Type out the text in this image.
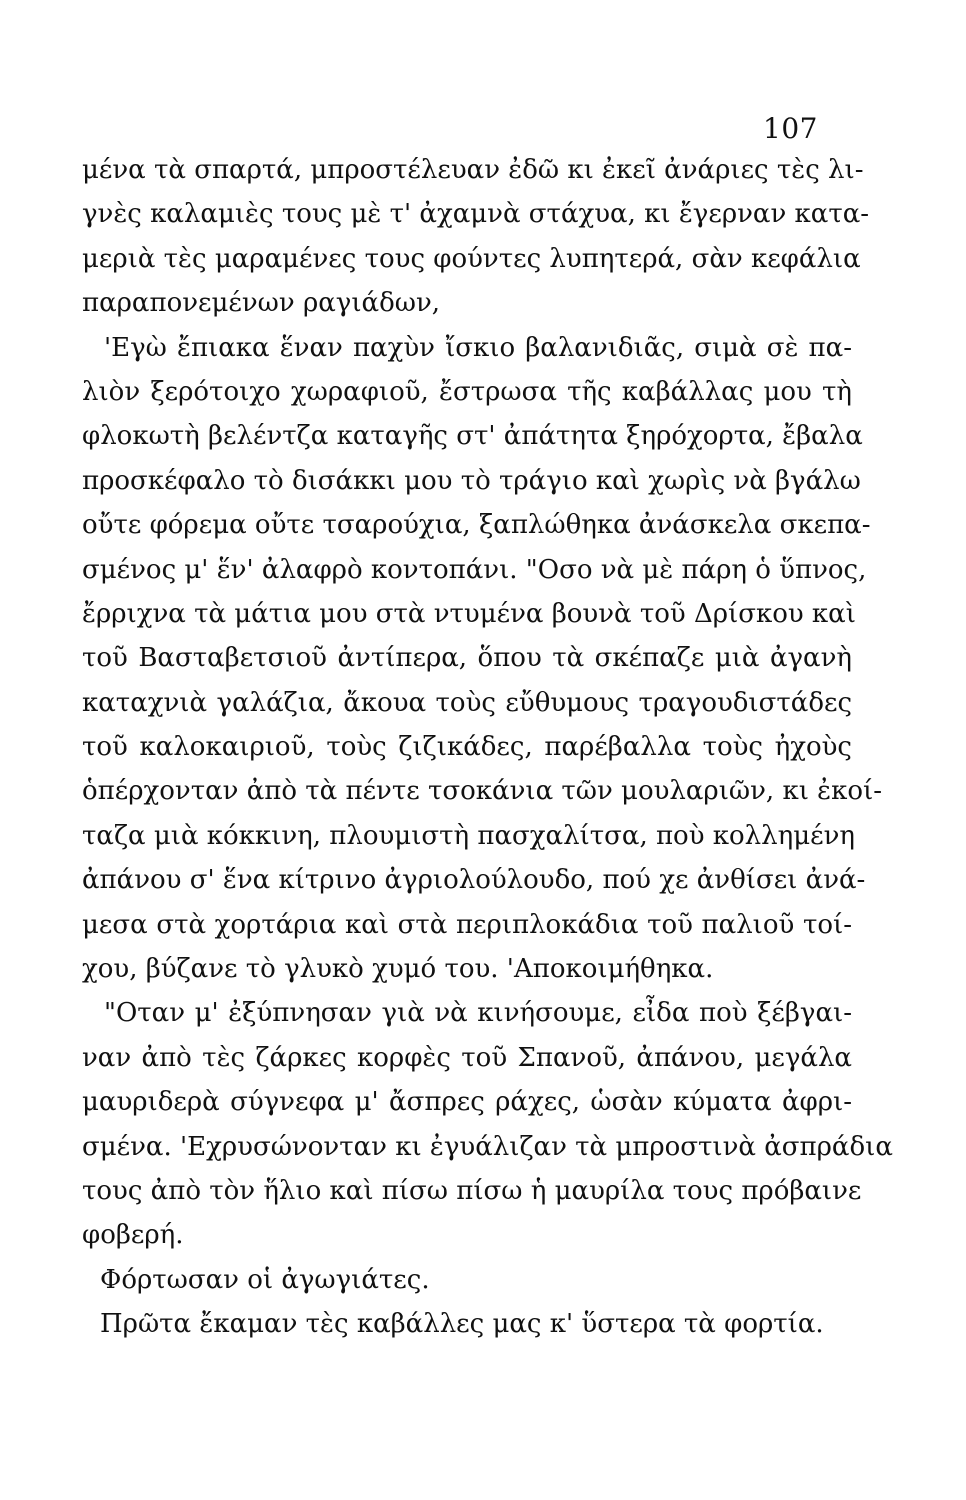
107
μένα τὰ σπαρτά, μπροστέλευαν ἐδῶ κι ἐκεῖ ἀνάριες τὲς λι-
γνὲς καλαμιὲς τους μὲ τ' ἀχαμνὰ στάχυα, κι ἔγερναν κατα-
μεριὰ τὲς μαραμένες τους φούντες λυπητερά, σὰν κεφάλια
παραπονεμένων ραγιάδων,
'Εγὼ ἔπιακα ἕναν παχὺν ἴσκιο βαλανιδιᾶς, σιμὰ σὲ πα-
λιὸν ξερότοιχο χωραφιοῦ, ἔστρωσα τῆς καβάλλας μου τὴ
φλοκωτὴ βελέντζα καταγῆς στ' ἀπάτητα ξηρόχορτα, ἔβαλα
προσκέφαλο τὸ δισάκκι μου τὸ τράγιο καὶ χωρὶς νὰ βγάλω
οὔτε φόρεμα οὔτε τσαρούχια, ξαπλώθηκα ἀνάσκελα σκεπα-
σμένος μ' ἕν' ἀλαφρὸ κοντοπάνι. "Οσο νὰ μὲ πάρη ὁ ὕπνος,
ἔρριχνα τὰ μάτια μου στὰ ντυμένα βουνὰ τοῦ Δρίσκου καὶ
τοῦ Βασταβετσιοῦ ἀντίπερα, ὅπου τὰ σκέπαζε μιὰ ἀγανὴ
καταχνιὰ γαλάζια, ἄκουα τοὺς εὔθυμους τραγουδιστάδες
τοῦ καλοκαιριοῦ, τοὺς ζιζικάδες, παρέβαλλα τοὺς ἠχοὺς
ὁπέρχονταν ἀπὸ τὰ πέντε τσοκάνια τῶν μουλαριῶν, κι ἐκοί-
ταζα μιὰ κόκκινη, πλουμιστὴ πασχαλίτσα, ποὺ κολλημένη
ἀπάνου σ' ἕνα κίτρινο ἀγριολούλουδο, πού χε ἀνθίσει ἀνά-
μεσα στὰ χορτάρια καὶ στὰ περιπλοκάδια τοῦ παλιοῦ τοί-
χου, βύζανε τὸ γλυκὸ χυμό του. 'Αποκοιμήθηκα.
"Οταν μ' ἐξύπνησαν γιὰ νὰ κινήσουμε, εἶδα ποὺ ξέβγαι-
ναν ἀπὸ τὲς ζάρκες κορφὲς τοῦ Σπανοῦ, ἀπάνου, μεγάλα
μαυριδερὰ σύγνεφα μ' ἄσπρες ράχες, ὡσὰν κύματα ἀφρι-
σμένα. 'Εχρυσώνονταν κι ἐγυάλιζαν τὰ μπροστινὰ ἀσπράδια
τους ἀπὸ τὸν ἥλιο καὶ πίσω πίσω ἡ μαυρίλα τους πρόβαινε
φοβερή.
Φόρτωσαν οἱ ἀγωγιάτες.
Πρῶτα ἔκαμαν τὲς καβάλλες μας κ' ὕστερα τὰ φορτία.
